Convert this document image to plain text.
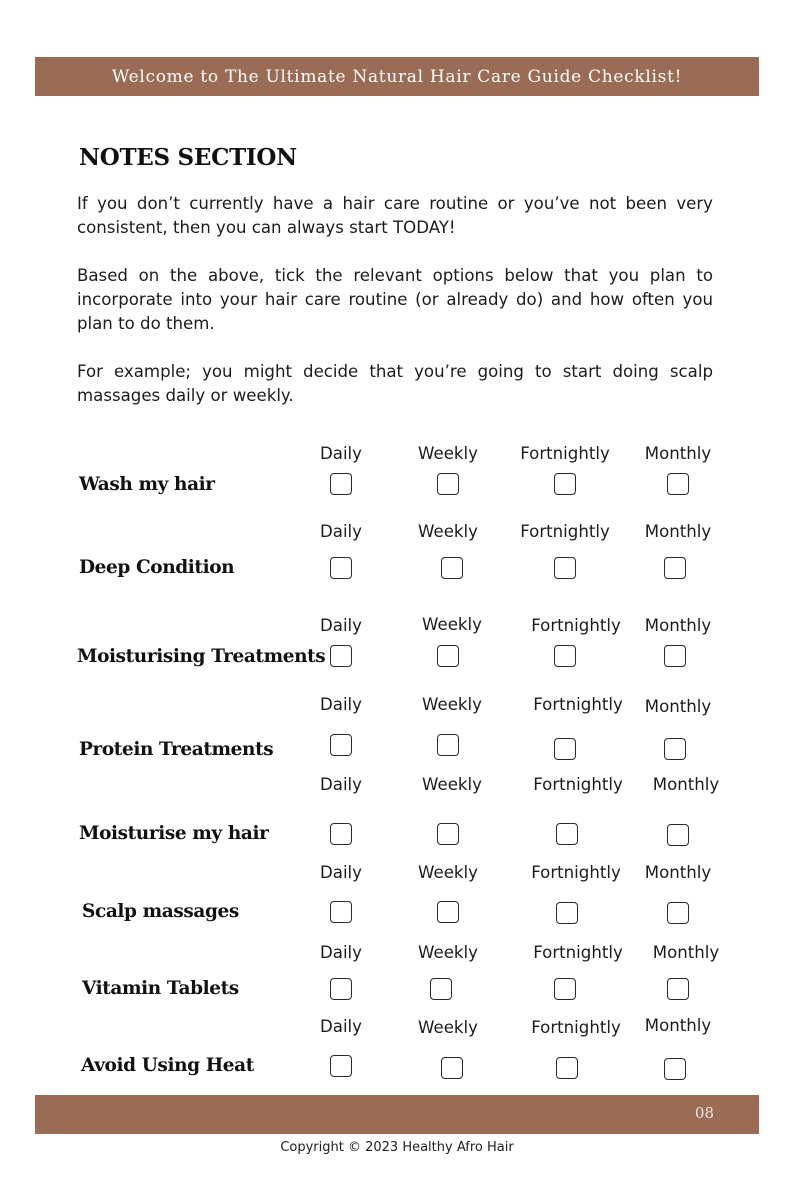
Welcome to The Ultimate Natural Hair Care Guide Checklist!
NOTES SECTION

If you don’t currently have a hair care routine or you’ve not been very consistent, then you can always start TODAY!

Based on the above, tick the relevant options below that you plan to incorporate into your hair care routine (or already do) and how often you plan to do them.

For example; you might decide that you’re going to start doing scalp massages daily or weekly.

Wash my hair
Daily	Weekly	Fortnightly Monthly
Deep Condition
Daily	Weekly	Fortnightly Monthly
Moisturising Treatments
Daily	Weekly	Fortnightly Monthly
Protein Treatments
Daily	Weekly	Fortnightly Monthly
Moisturise my hair
Daily	Weekly	Fortnightly Monthly
Scalp massages
Daily	Weekly	Fortnightly Monthly
Vitamin Tablets
Daily	Weekly	Fortnightly Monthly
Avoid Using Heat
Daily	Weekly	Fortnightly Monthly
08
Copyright © 2023 Healthy Afro Hair
